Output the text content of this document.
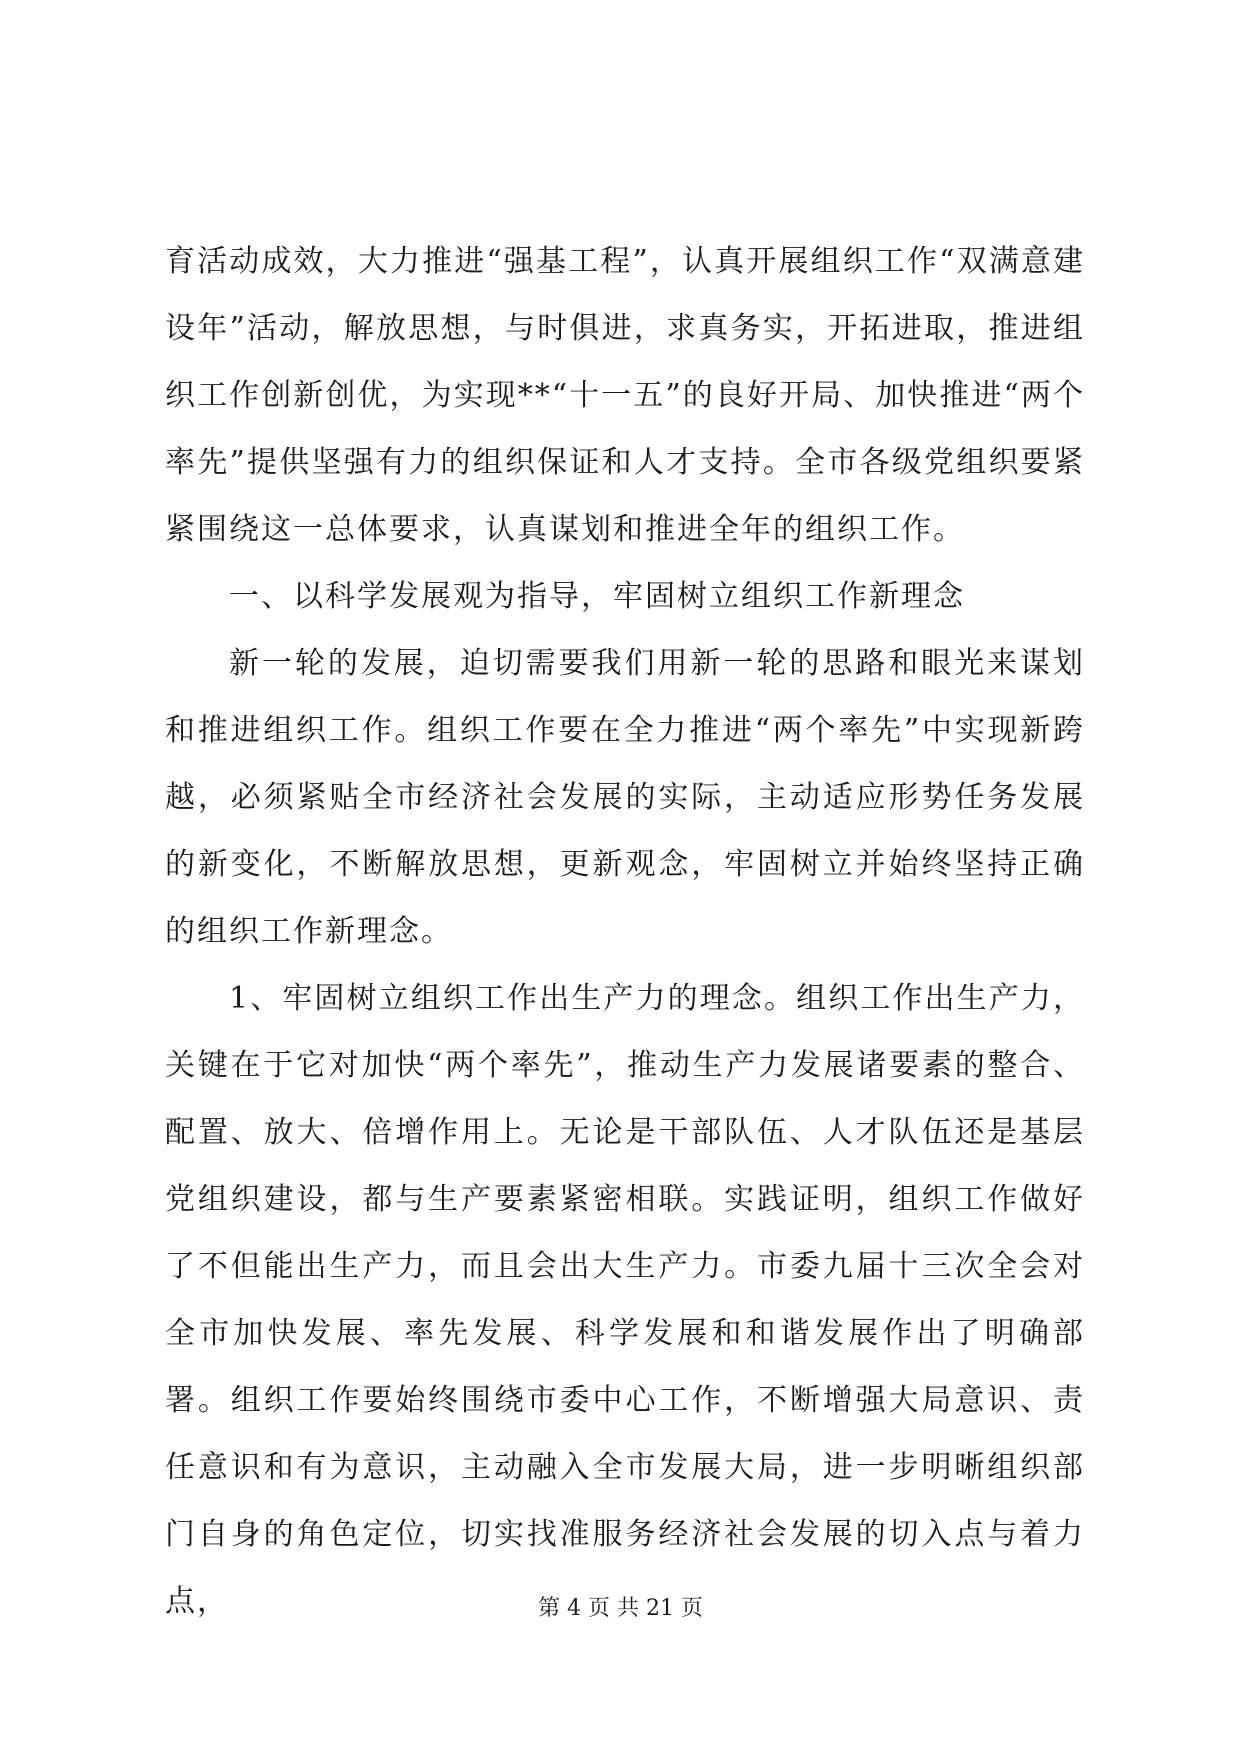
育活动成效，大力推进“强基工程”，认真开展组织工作“双满意建设年”活动，解放思想，与时俱进，求真务实，开拓进取，推进组织工作创新创优，为实现**“十一五”的良好开局、加快推进“两个率先”提供坚强有力的组织保证和人才支持。全市各级党组织要紧紧围绕这一总体要求，认真谋划和推进全年的组织工作。

一、以科学发展观为指导，牢固树立组织工作新理念

新一轮的发展，迫切需要我们用新一轮的思路和眼光来谋划和推进组织工作。组织工作要在全力推进“两个率先”中实现新跨越，必须紧贴全市经济社会发展的实际，主动适应形势任务发展的新变化，不断解放思想，更新观念，牢固树立并始终坚持正确的组织工作新理念。

1、牢固树立组织工作出生产力的理念。组织工作出生产力，关键在于它对加快“两个率先”，推动生产力发展诸要素的整合、配置、放大、倍增作用上。无论是干部队伍、人才队伍还是基层党组织建设，都与生产要素紧密相联。实践证明，组织工作做好了不但能出生产力，而且会出大生产力。市委九届十三次全会对全市加快发展、率先发展、科学发展和和谐发展作出了明确部署。组织工作要始终围绕市委中心工作，不断增强大局意识、责任意识和有为意识，主动融入全市发展大局，进一步明晰组织部门自身的角色定位，切实找准服务经济社会发展的切入点与着力点，	第 4 页 共 21 页
